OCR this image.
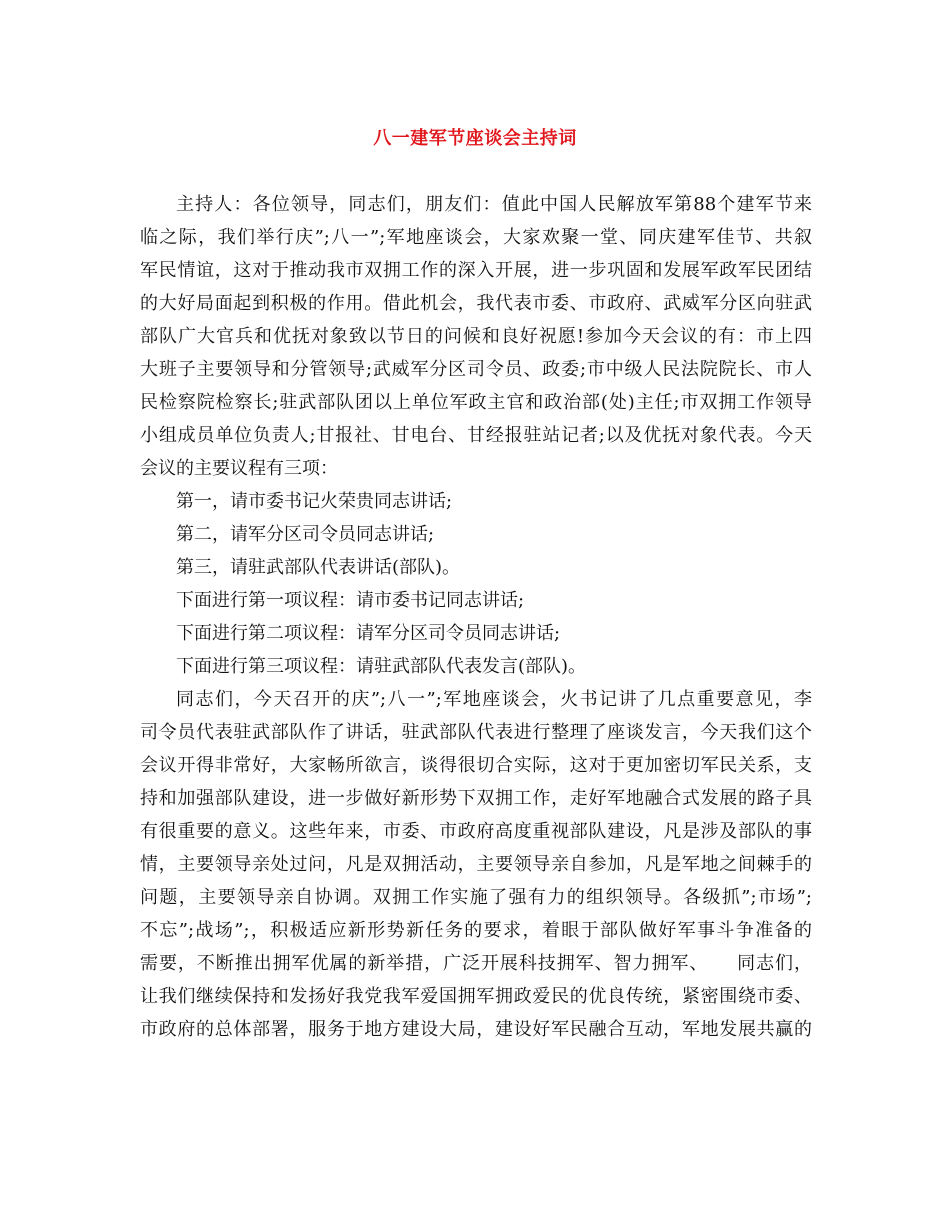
八一建军节座谈会主持词
主持人：各位领导，同志们，朋友们：值此中国人民解放军第88个建军节来
临之际，我们举行庆”;八一”;军地座谈会，大家欢聚一堂、同庆建军佳节、共叙
军民情谊，这对于推动我市双拥工作的深入开展，进一步巩固和发展军政军民团结
的大好局面起到积极的作用。借此机会，我代表市委、市政府、武威军分区向驻武
部队广大官兵和优抚对象致以节日的问候和良好祝愿!参加今天会议的有：市上四
大班子主要领导和分管领导;武威军分区司令员、政委;市中级人民法院院长、市人
民检察院检察长;驻武部队团以上单位军政主官和政治部(处)主任;市双拥工作领导
小组成员单位负责人;甘报社、甘电台、甘经报驻站记者;以及优抚对象代表。今天
会议的主要议程有三项：
第一，请市委书记火荣贵同志讲话;
第二，请军分区司令员同志讲话;
第三，请驻武部队代表讲话(部队)。
下面进行第一项议程：请市委书记同志讲话;
下面进行第二项议程：请军分区司令员同志讲话;
下面进行第三项议程：请驻武部队代表发言(部队)。
同志们，今天召开的庆”;八一”;军地座谈会，火书记讲了几点重要意见，李
司令员代表驻武部队作了讲话，驻武部队代表进行整理了座谈发言，今天我们这个
会议开得非常好，大家畅所欲言，谈得很切合实际，这对于更加密切军民关系，支
持和加强部队建设，进一步做好新形势下双拥工作，走好军地融合式发展的路子具
有很重要的意义。这些年来，市委、市政府高度重视部队建设，凡是涉及部队的事
情，主要领导亲处过问，凡是双拥活动，主要领导亲自参加，凡是军地之间棘手的
问题，主要领导亲自协调。双拥工作实施了强有力的组织领导。各级抓”;市场”;
不忘”;战场”;，积极适应新形势新任务的要求，着眼于部队做好军事斗争准备的
需要，不断推出拥军优属的新举措，广泛开展科技拥军、智力拥军、　　同志们，
让我们继续保持和发扬好我党我军爱国拥军拥政爱民的优良传统，紧密围绕市委、
市政府的总体部署，服务于地方建设大局，建设好军民融合互动，军地发展共赢的
